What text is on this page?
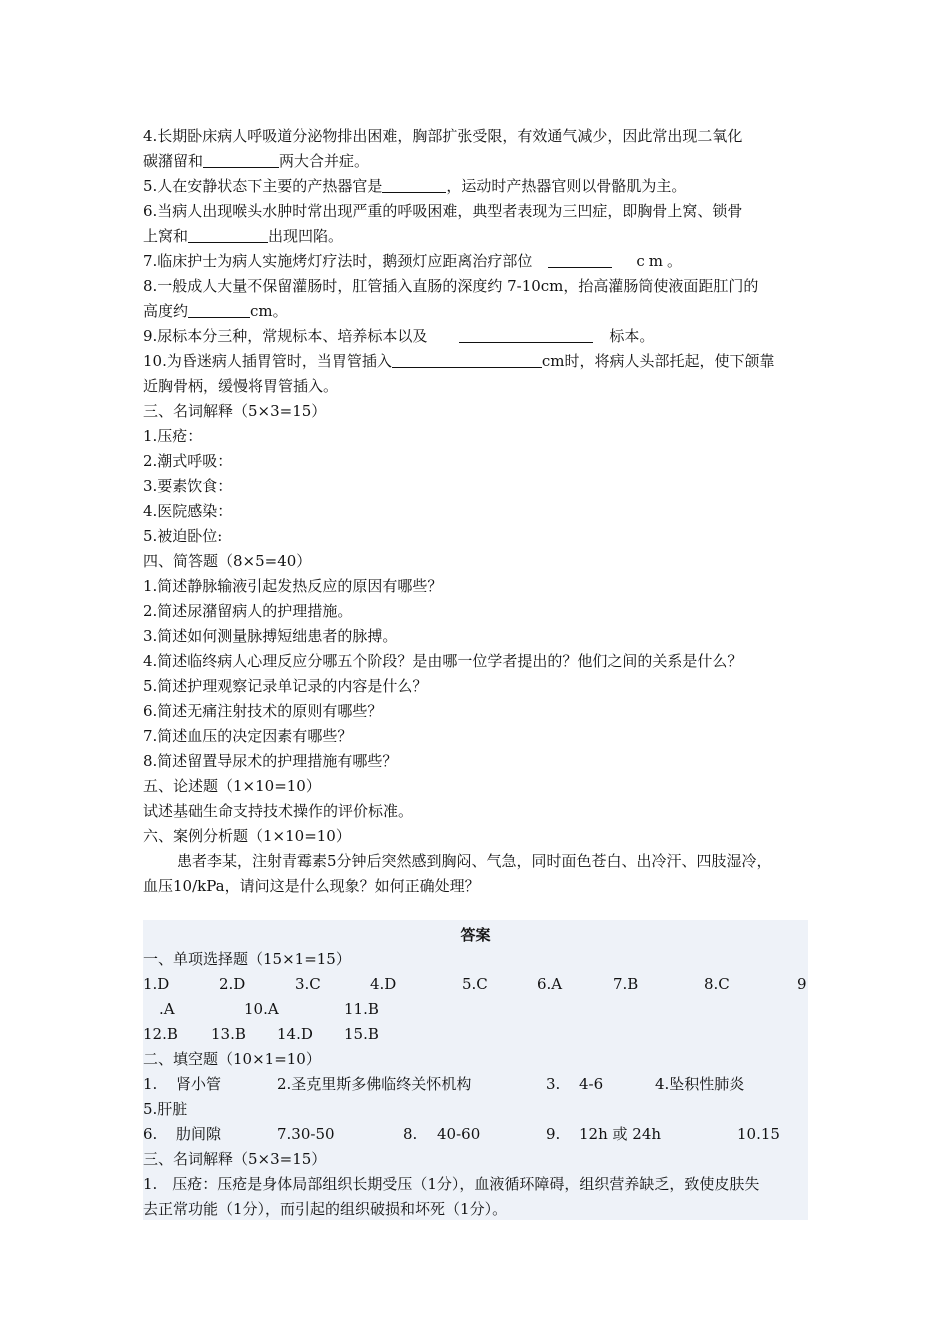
4.长期卧床病人呼吸道分泌物排出困难，胸部扩张受限，有效通气减少，因此常出现二氧化
碳潴留和	两大合并症。
5.人在安静状态下主要的产热器官是	，运动时产热器官则以骨骼肌为主。
6.当病人出现喉头水肿时常出现严重的呼吸困难，典型者表现为三凹症，即胸骨上窝、锁骨
上窝和	出现凹陷。
7.临床护士为病人实施烤灯疗法时，鹅颈灯应距离治疗部位	cm。
8.一般成人大量不保留灌肠时，肛管插入直肠的深度约 7-10cm，抬高灌肠筒使液面距肛门的
高度约	cm。
9.尿标本分三种，常规标本、培养标本以及	标本。
10.为昏迷病人插胃管时，当胃管插入	cm时，将病人头部托起，使下颌靠
近胸骨柄，缓慢将胃管插入。
三、名词解释（5×3=15）
1.压疮：
2.潮式呼吸：
3.要素饮食：
4.医院感染：
5.被迫卧位:
四、简答题（8×5=40）
1.简述静脉输液引起发热反应的原因有哪些？
2.简述尿潴留病人的护理措施。
3.简述如何测量脉搏短绌患者的脉搏。
4.简述临终病人心理反应分哪五个阶段？是由哪一位学者提出的？他们之间的关系是什么？
5.简述护理观察记录单记录的内容是什么？
6.简述无痛注射技术的原则有哪些？
7.简述血压的决定因素有哪些？
8.简述留置导尿术的护理措施有哪些？
五、论述题（1×10=10）
试述基础生命支持技术操作的评价标准。
六、案例分析题（1×10=10）
患者李某，注射青霉素5分钟后突然感到胸闷、气急，同时面色苍白、出冷汗、四肢湿冷，
血压10/kPa，请问这是什么现象？如何正确处理？
答案
一、单项选择题（15×1=15）
1.D	2.D	3.C	4.D	5.C	6.A	7.B	8.C	9
.A	10.A	11.B
12.B 13.B 14.D 15.B
二、填空题（10×1=10）
1. 肾小管	2.圣克里斯多佛临终关怀机构	3. 4-6	4.坠积性肺炎
5.肝脏
6. 肋间隙	7.30-50	8. 40-60	9. 12h 或 24h	10.15
三、名词解释（5×3=15）
1.　压疮：压疮是身体局部组织长期受压（1分），血液循环障碍，组织营养缺乏，致使皮肤失
去正常功能（1分），而引起的组织破损和坏死（1分）。
